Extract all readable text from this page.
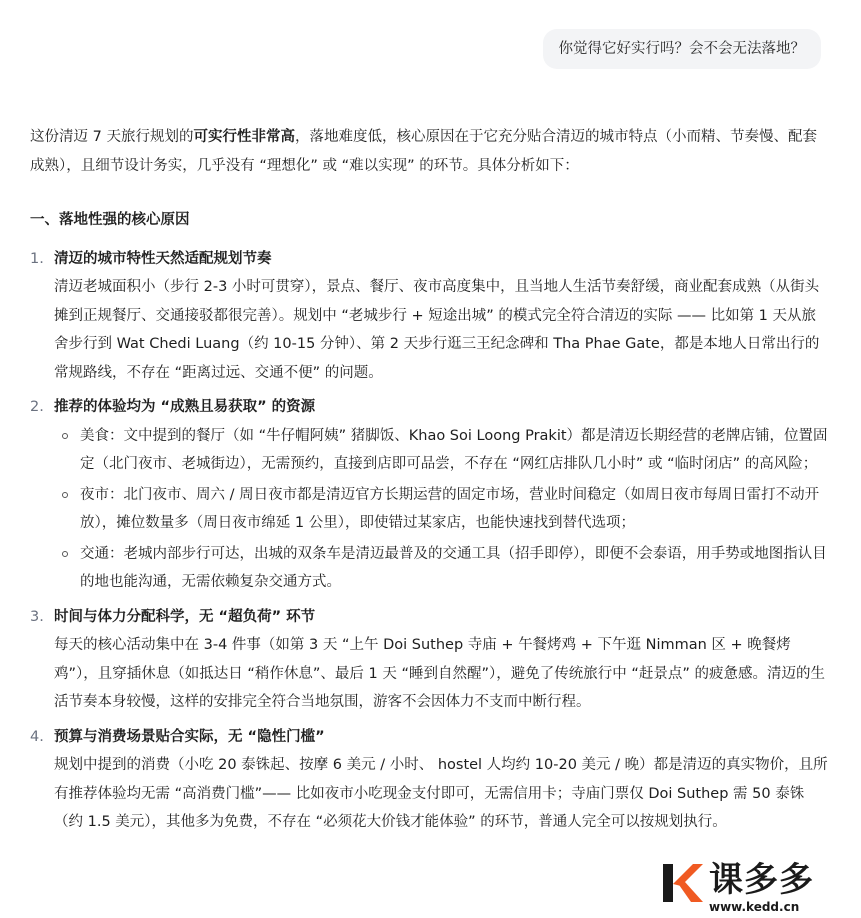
你觉得它好实行吗？会不会无法落地？

这份清迈 7 天旅行规划的可实行性非常高，落地难度低，核心原因在于它充分贴合清迈的城市特点（小而精、节奏慢、配套成熟），且细节设计务实，几乎没有 “理想化” 或 “难以实现” 的环节。具体分析如下：

一、落地性强的核心原因
1. 清迈的城市特性天然适配规划节奏
清迈老城面积小（步行 2-3 小时可贯穿），景点、餐厅、夜市高度集中，且当地人生活节奏舒缓，商业配套成熟（从街头摊到正规餐厅、交通接驳都很完善）。规划中 “老城步行 + 短途出城” 的模式完全符合清迈的实际 —— 比如第 1 天从旅舍步行到 Wat Chedi Luang（约 10-15 分钟）、第 2 天步行逛三王纪念碑和 Tha Phae Gate，都是本地人日常出行的常规路线，不存在 “距离过远、交通不便” 的问题。
2. 推荐的体验均为 “成熟且易获取” 的资源
美食：文中提到的餐厅（如 “牛仔帽阿姨” 猪脚饭、Khao Soi Loong Prakit）都是清迈长期经营的老牌店铺，位置固定（北门夜市、老城街边），无需预约，直接到店即可品尝，不存在 “网红店排队几小时” 或 “临时闭店” 的高风险；
夜市：北门夜市、周六 / 周日夜市都是清迈官方长期运营的固定市场，营业时间稳定（如周日夜市每周日雷打不动开放），摊位数量多（周日夜市绵延 1 公里），即使错过某家店，也能快速找到替代选项；
交通：老城内部步行可达，出城的双条车是清迈最普及的交通工具（招手即停），即便不会泰语，用手势或地图指认目的地也能沟通，无需依赖复杂交通方式。
3. 时间与体力分配科学，无 “超负荷” 环节
每天的核心活动集中在 3-4 件事（如第 3 天 “上午 Doi Suthep 寺庙 + 午餐烤鸡 + 下午逛 Nimman 区 + 晚餐烤鸡”），且穿插休息（如抵达日 “稍作休息”、最后 1 天 “睡到自然醒”），避免了传统旅行中 “赶景点” 的疲惫感。清迈的生活节奏本身较慢，这样的安排完全符合当地氛围，游客不会因体力不支而中断行程。
4. 预算与消费场景贴合实际，无 “隐性门槛”
规划中提到的消费（小吃 20 泰铢起、按摩 6 美元 / 小时、 hostel 人均约 10-20 美元 / 晚）都是清迈的真实物价，且所有推荐体验均无需 “高消费门槛”—— 比如夜市小吃现金支付即可，无需信用卡；寺庙门票仅 Doi Suthep 需 50 泰铢（约 1.5 美元），其他多为免费，不存在 “必须花大价钱才能体验” 的环节，普通人完全可以按规划执行。
课多多
www.kedd.cn
